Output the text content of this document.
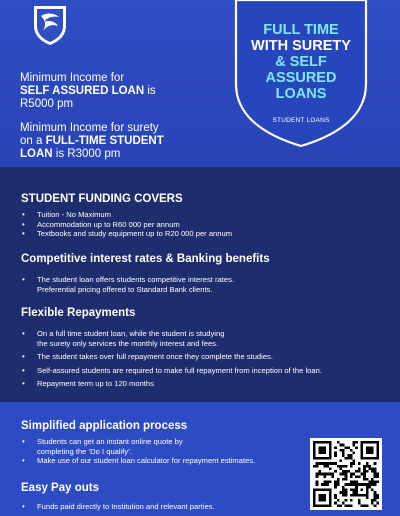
Minimum Income for
SELF ASSURED LOAN is
R5000 pm
Minimum Income for surety
on a FULL-TIME STUDENT
LOAN is R3000 pm
FULL TIME
WITH SURETY
& SELF
ASSURED
LOANS
STUDENT LOANS
STUDENT FUNDING COVERS
• Tuition - No Maximum
• Accommodation up to R60 000 per annum
• Textbooks and study equipment up to R20 000 per annum
Competitive interest rates & Banking benefits
• The student loan offers students competitive interest rates.
Preferential pricing offered to Standard Bank clients.
Flexible Repayments
• On a full time student loan, while the student is studying
the surety only services the monthly interest and fees.
• The student takes over full repayment once they complete the studies.
• Self-assured students are required to make full repayment from inception of the loan.
• Repayment term up to 120 months
Simplified application process
• Students can get an instant online quote by
completing the ‘Do I qualify’.
• Make use of our student loan calculator for repayment estimates.
Easy Pay outs
• Funds paid directly to Institution and relevant parties.
